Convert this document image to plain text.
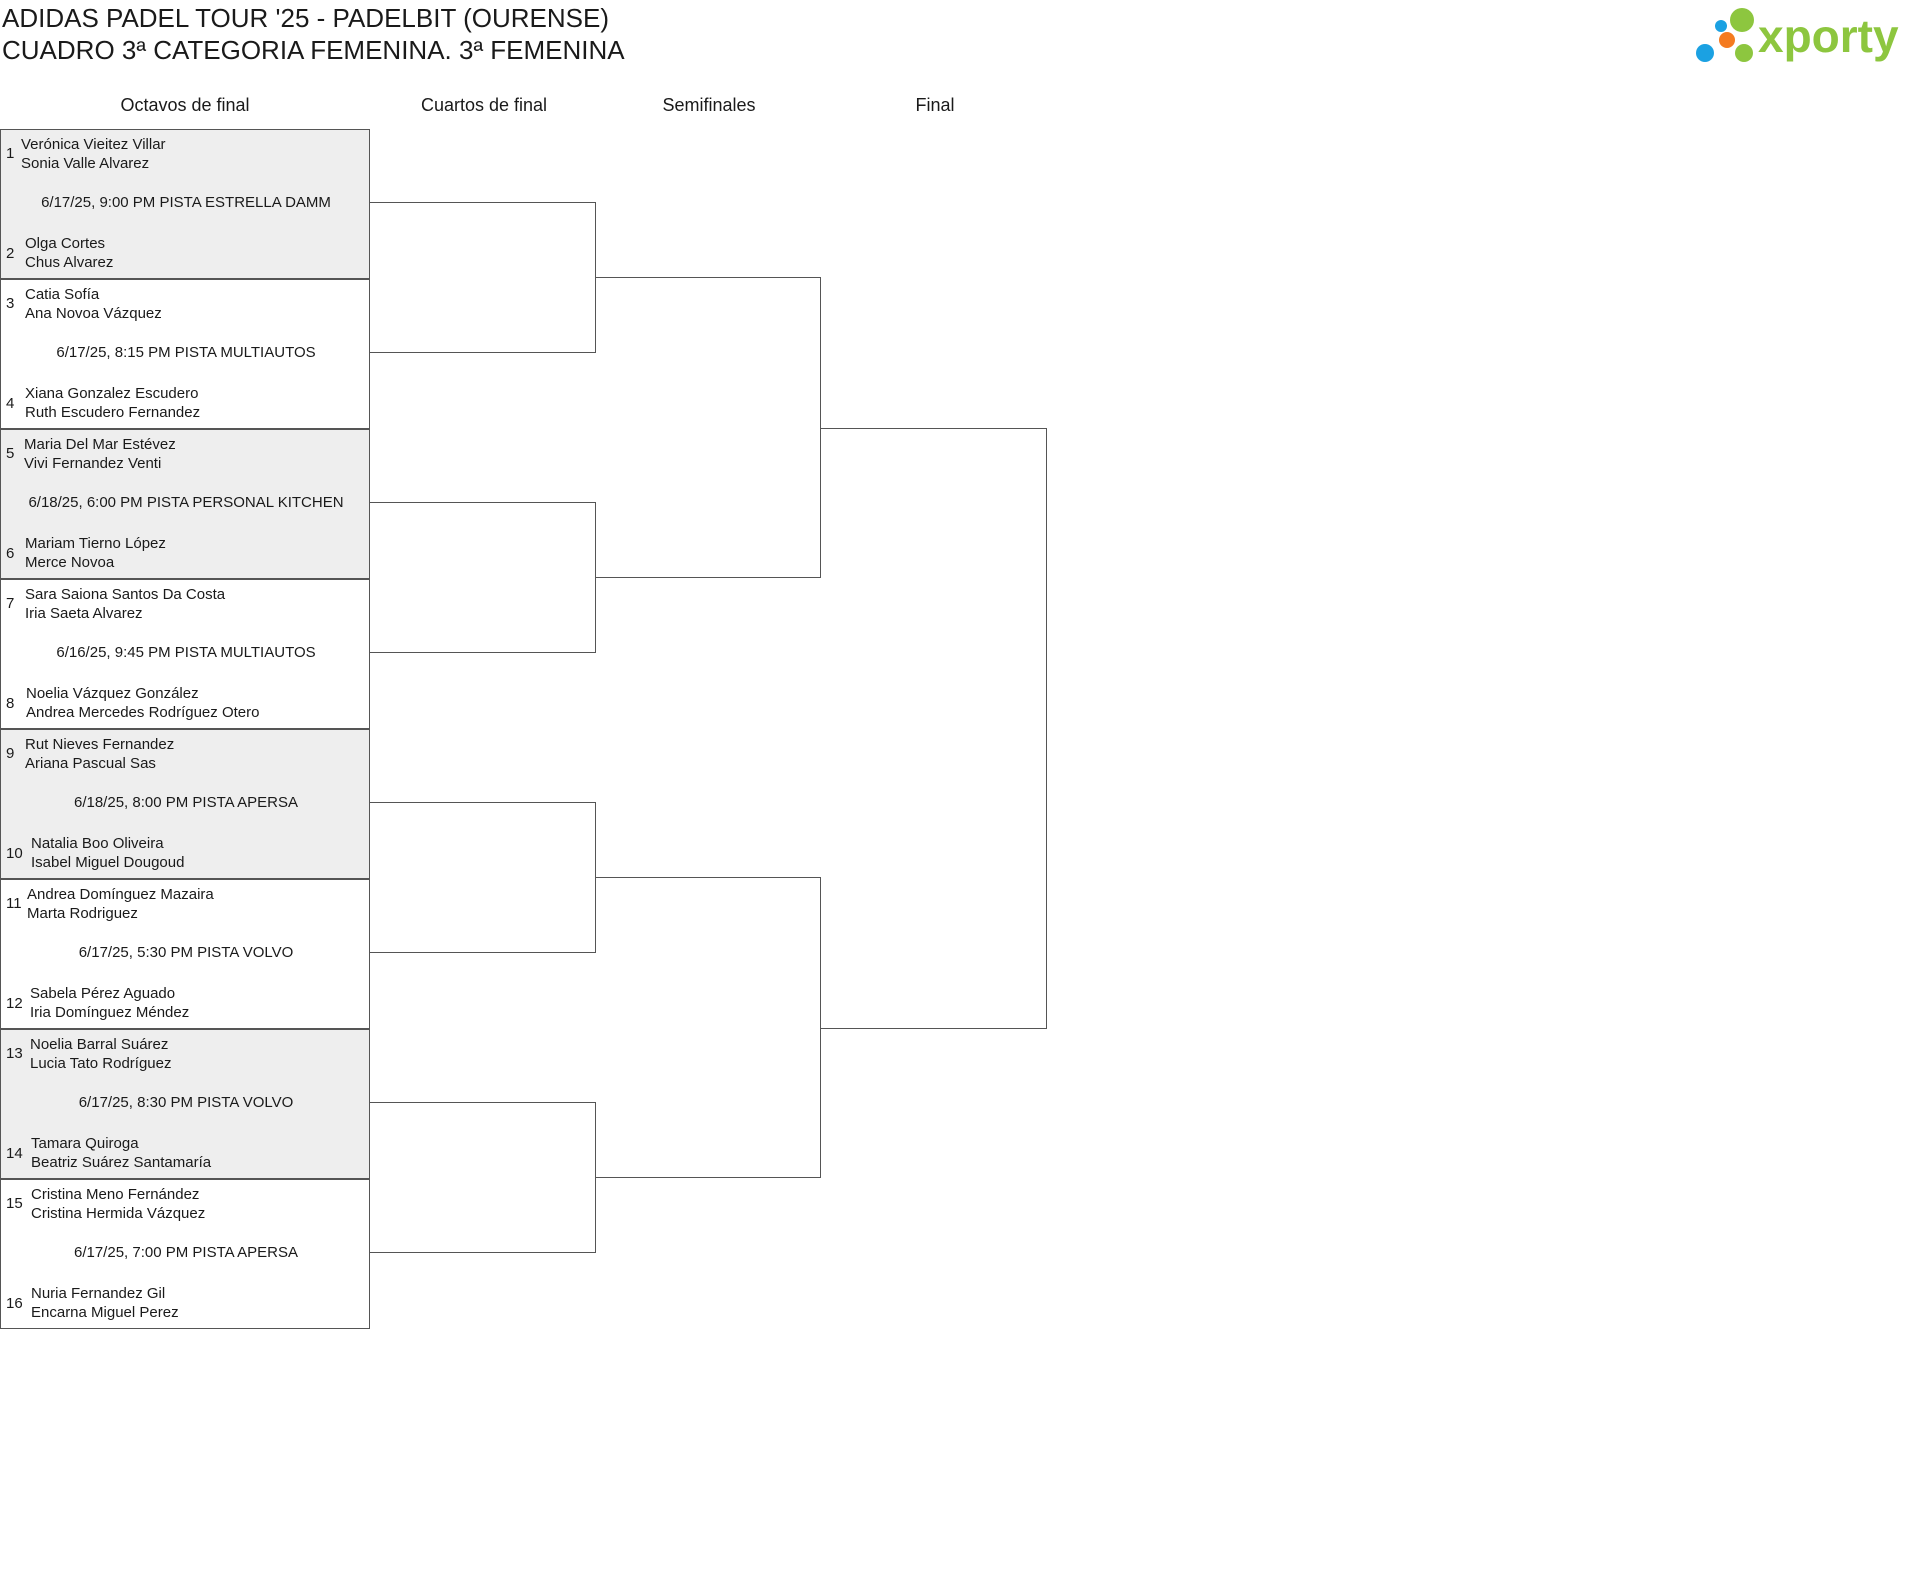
ADIDAS PADEL TOUR '25 - PADELBIT (OURENSE)
CUADRO 3ª CATEGORIA FEMENINA. 3ª FEMENINA	xporty
Octavos de final	Cuartos de final	Semifinales	Final
1
Verónica Vieitez Villar
Sonia Valle Alvarez
6/17/25, 9:00 PM PISTA ESTRELLA DAMM
2
Olga Cortes
Chus Alvarez
3
Catia Sofía
Ana Novoa Vázquez
6/17/25, 8:15 PM PISTA MULTIAUTOS
4
Xiana Gonzalez Escudero
Ruth Escudero Fernandez
5
Maria Del Mar Estévez
Vivi Fernandez Venti
6/18/25, 6:00 PM PISTA PERSONAL KITCHEN
6
Mariam Tierno López
Merce Novoa
7
Sara Saiona Santos Da Costa
Iria Saeta Alvarez
6/16/25, 9:45 PM PISTA MULTIAUTOS
8
Noelia Vázquez González
Andrea Mercedes Rodríguez Otero
9
Rut Nieves Fernandez
Ariana Pascual Sas
6/18/25, 8:00 PM PISTA APERSA
10
Natalia Boo Oliveira
Isabel Miguel Dougoud
11
Andrea Domínguez Mazaira
Marta Rodriguez
6/17/25, 5:30 PM PISTA VOLVO
12
Sabela Pérez Aguado
Iria Domínguez Méndez
13
Noelia Barral Suárez
Lucia Tato Rodríguez
6/17/25, 8:30 PM PISTA VOLVO
14
Tamara Quiroga
Beatriz Suárez Santamaría
15
Cristina Meno Fernández
Cristina Hermida Vázquez
6/17/25, 7:00 PM PISTA APERSA
16
Nuria Fernandez Gil
Encarna Miguel Perez
